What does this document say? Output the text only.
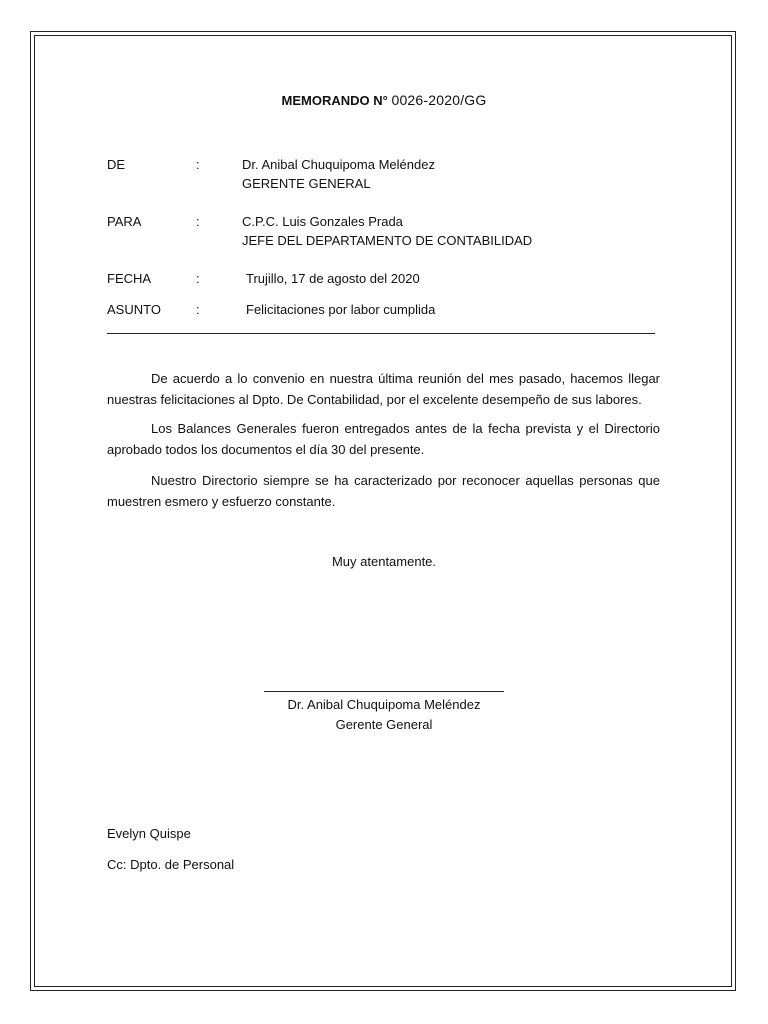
MEMORANDO N° 0026-2020/GG
DE	:	Dr. Anibal Chuquipoma Meléndez
GERENTE GENERAL
PARA	:	C.P.C. Luis Gonzales Prada
JEFE DEL DEPARTAMENTO DE CONTABILIDAD
FECHA	:	Trujillo, 17 de agosto del 2020
ASUNTO	:	Felicitaciones por labor cumplida
De acuerdo a lo convenio en nuestra última reunión del mes pasado, hacemos llegar nuestras felicitaciones al Dpto. De Contabilidad, por el excelente desempeño de sus labores.
Los Balances Generales fueron entregados antes de la fecha prevista y el Directorio aprobado todos los documentos el día 30 del presente.
Nuestro Directorio siempre se ha caracterizado por reconocer aquellas personas que muestren esmero y esfuerzo constante.
Muy atentamente.
Dr. Anibal Chuquipoma Meléndez
Gerente General
Evelyn Quispe
Cc: Dpto. de Personal
